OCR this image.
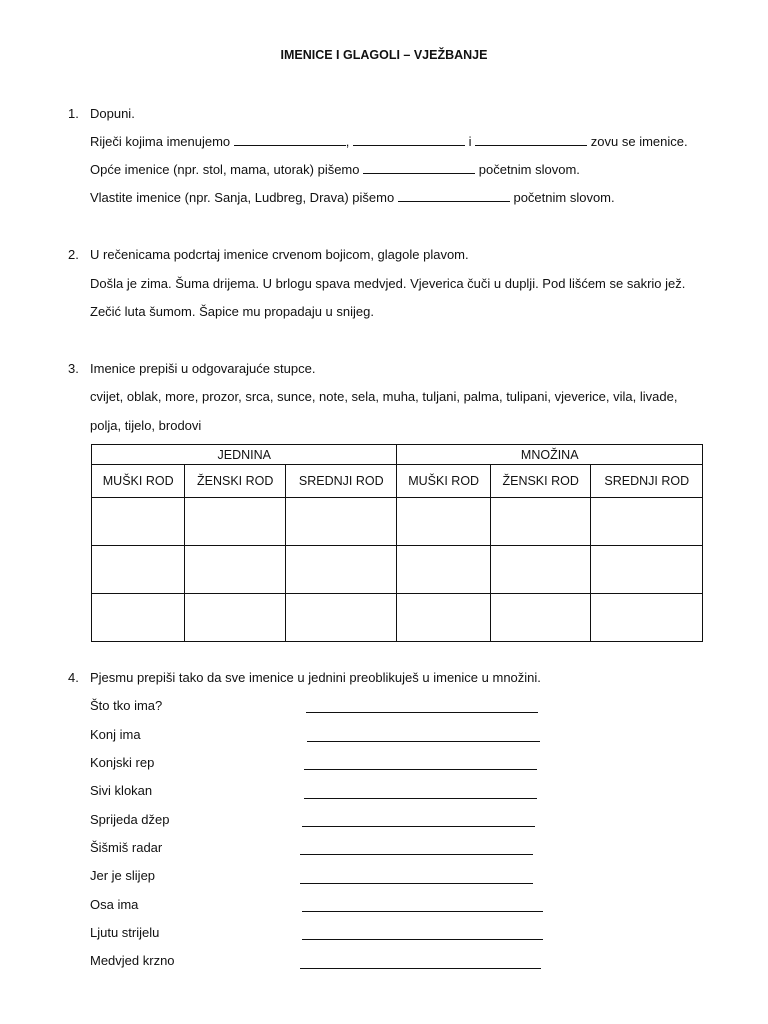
IMENICE I GLAGOLI – VJEŽBANJE
1. Dopuni.
Riječi kojima imenujemo	,	i	zovu se imenice.
Opće imenice (npr. stol, mama, utorak) pišemo	početnim slovom.
Vlastite imenice (npr. Sanja, Ludbreg, Drava) pišemo	početnim slovom.
2. U rečenicama podcrtaj imenice crvenom bojicom, glagole plavom.
Došla je zima. Šuma drijema. U brlogu spava medvjed. Vjeverica čuči u duplji. Pod lišćem se sakrio jež.
Zečić luta šumom. Šapice mu propadaju u snijeg.
3. Imenice prepiši u odgovarajuće stupce.
cvijet, oblak, more, prozor, srca, sunce, note, sela, muha, tuljani, palma, tulipani, vjeverice, vila, livade,
polja, tijelo, brodovi
JEDNINA			MNOŽINA		
MUŠKI ROD	ŽENSKI ROD	SREDNJI ROD	MUŠKI ROD	ŽENSKI ROD	SREDNJI ROD

4. Pjesmu prepiši tako da sve imenice u jednini preoblikuješ u imenice u množini.
Što tko ima?
Konj ima
Konjski rep
Sivi klokan
Sprijeda džep
Šišmiš radar
Jer je slijep
Osa ima
Ljutu strijelu
Medvjed krzno
